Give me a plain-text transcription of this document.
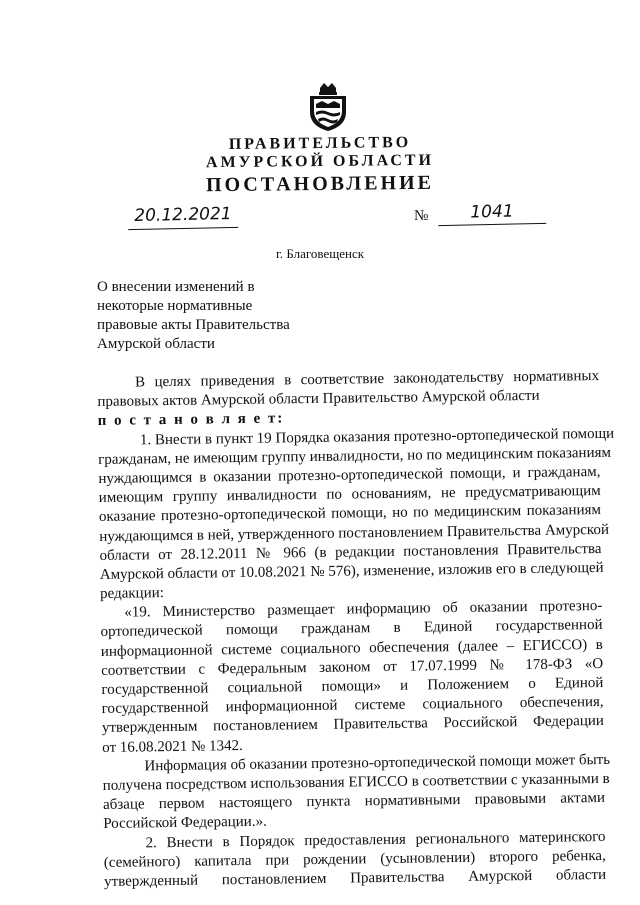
ПРАВИТЕЛЬСТВО
АМУРСКОЙ ОБЛАСТИ
ПОСТАНОВЛЕНИЕ
20.12.2021	№	1041
г. Благовещенск
О внесении изменений в
некоторые нормативные
правовые акты Правительства
Амурской области
В целях приведения в соответствие законодательству нормативных
правовых актов Амурской области Правительство Амурской области
п о с т а н о в л я е т:
1. Внести в пункт 19 Порядка оказания протезно-ортопедической помощи
гражданам, не имеющим группу инвалидности, но по медицинским показаниям
нуждающимся в оказании протезно-ортопедической помощи, и гражданам,
имеющим группу инвалидности по основаниям, не предусматривающим
оказание протезно-ортопедической помощи, но по медицинским показаниям
нуждающимся в ней, утвержденного постановлением Правительства Амурской
области от 28.12.2011 № 966 (в редакции постановления Правительства
Амурской области от 10.08.2021 № 576), изменение, изложив его в следующей
редакции:
«19. Министерство размещает информацию об оказании протезно-
ортопедической помощи гражданам в Единой государственной
информационной системе социального обеспечения (далее – ЕГИССО) в
соответствии с Федеральным законом от 17.07.1999 № 178-ФЗ «О
государственной социальной помощи» и Положением о Единой
государственной информационной системе социального обеспечения,
утвержденным постановлением Правительства Российской Федерации
от 16.08.2021 № 1342.
Информация об оказании протезно-ортопедической помощи может быть
получена посредством использования ЕГИССО в соответствии с указанными в
абзаце первом настоящего пункта нормативными правовыми актами
Российской Федерации.».
2. Внести в Порядок предоставления регионального материнского
(семейного) капитала при рождении (усыновлении) второго ребенка,
утвержденный постановлением Правительства Амурской области
